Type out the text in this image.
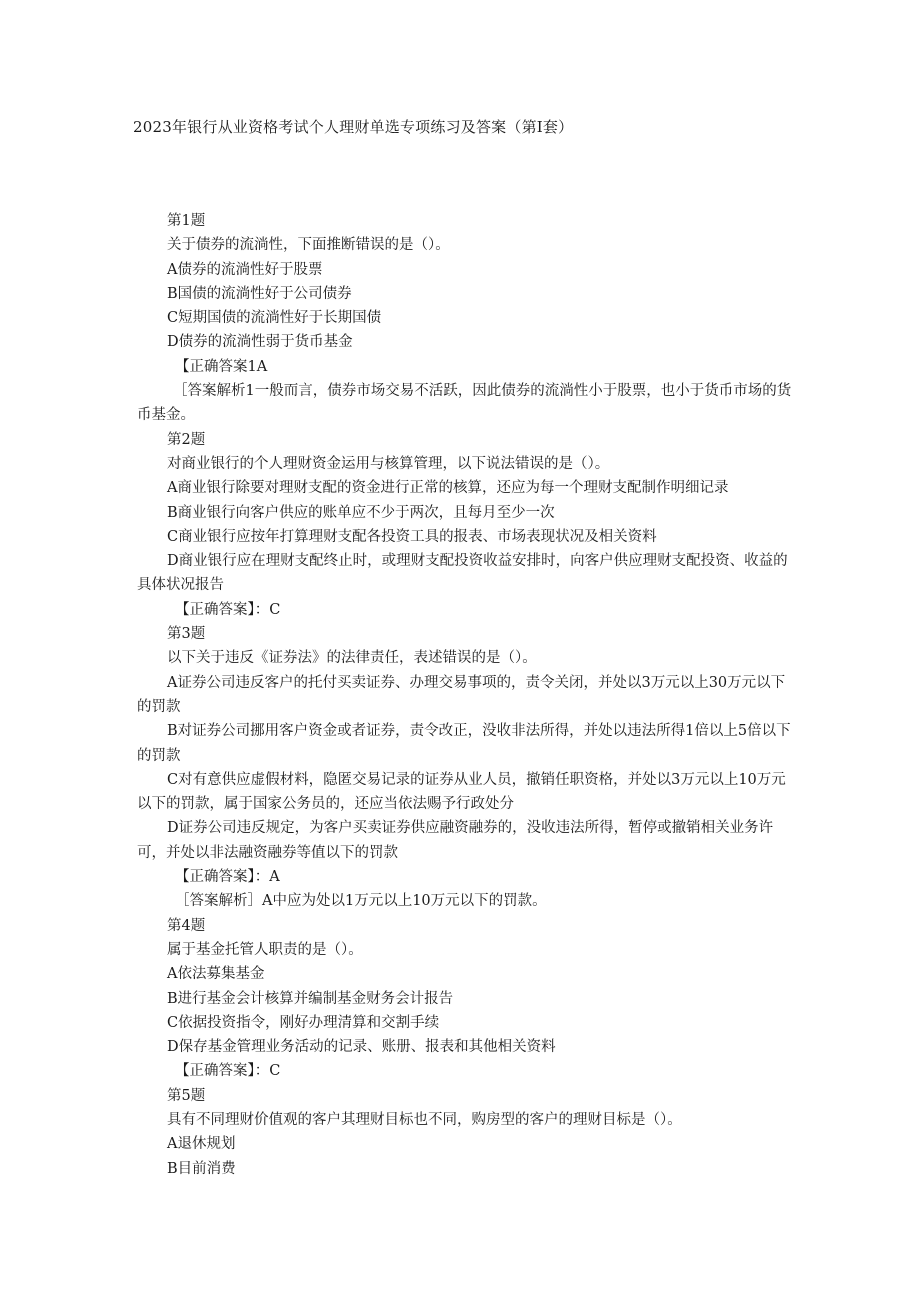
2023年银行从业资格考试个人理财单选专项练习及答案（第I套）
第1题
关于债券的流淌性，下面推断错误的是（）。
A债券的流淌性好于股票
B国债的流淌性好于公司债券
C短期国债的流淌性好于长期国债
D债券的流淌性弱于货币基金
【正确答案1A
［答案解析1一般而言，债券市场交易不活跃，因此债券的流淌性小于股票，也小于货币市场的货币基金。
第2题
对商业银行的个人理财资金运用与核算管理，以下说法错误的是（）。
A商业银行除要对理财支配的资金进行正常的核算，还应为每一个理财支配制作明细记录
B商业银行向客户供应的账单应不少于两次，且每月至少一次
C商业银行应按年打算理财支配各投资工具的报表、市场表现状况及相关资料
D商业银行应在理财支配终止时，或理财支配投资收益安排时，向客户供应理财支配投资、收益的具体状况报告
【正确答案】：C
第3题
以下关于违反《证券法》的法律责任，表述错误的是（）。
A证券公司违反客户的托付买卖证券、办理交易事项的，责令关闭，并处以3万元以上30万元以下的罚款
B对证券公司挪用客户资金或者证券，责令改正，没收非法所得，并处以违法所得1倍以上5倍以下的罚款
C对有意供应虚假材料，隐匿交易记录的证券从业人员，撤销任职资格，并处以3万元以上10万元以下的罚款，属于国家公务员的，还应当依法赐予行政处分
D证券公司违反规定，为客户买卖证券供应融资融券的，没收违法所得，暂停或撤销相关业务许可，并处以非法融资融券等值以下的罚款
【正确答案】：A
［答案解析］A中应为处以1万元以上10万元以下的罚款。
第4题
属于基金托管人职责的是（）。
A依法募集基金
B进行基金会计核算并编制基金财务会计报告
C依据投资指令，刚好办理清算和交割手续
D保存基金管理业务活动的记录、账册、报表和其他相关资料
【正确答案】：C
第5题
具有不同理财价值观的客户其理财目标也不同，购房型的客户的理财目标是（）。
A退休规划
B目前消费
